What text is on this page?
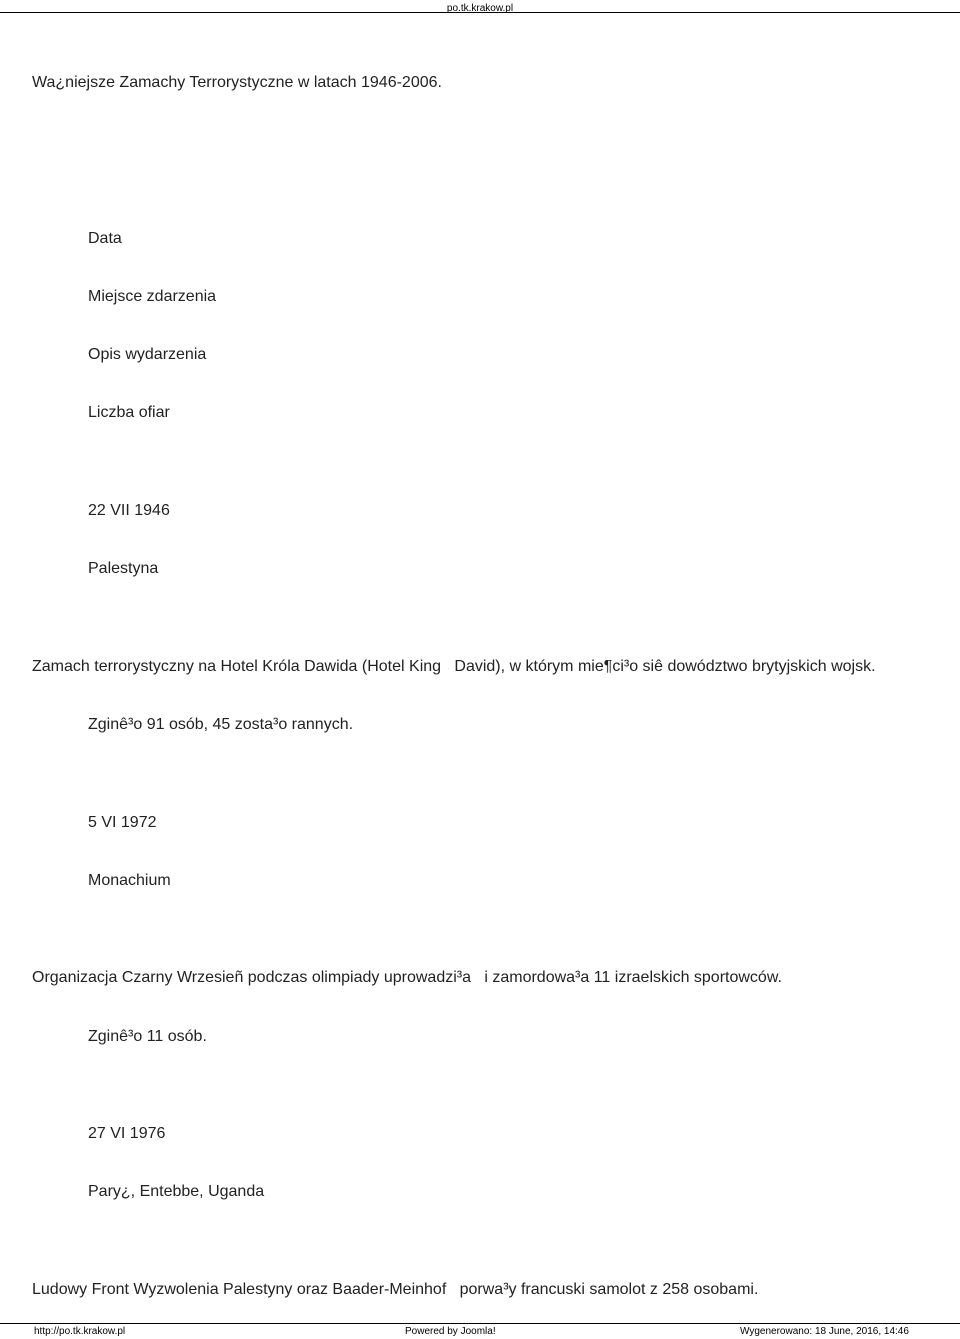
po.tk.krakow.pl
Wa¿niejsze Zamachy Terrorystyczne w latach 1946-2006.
Data
Miejsce zdarzenia
Opis wydarzenia
Liczba ofiar
22 VII 1946
Palestyna
Zamach terrorystyczny na Hotel Króla Dawida (Hotel King   David), w którym mie¶ci³o siê dowództwo brytyjskich wojsk.
Zginê³o 91 osób, 45 zosta³o rannych.
5 VI 1972
Monachium
Organizacja Czarny Wrzesieñ podczas olimpiady uprowadzi³a   i zamordowa³a 11 izraelskich sportowców.
Zginê³o 11 osób.
27 VI 1976
Pary¿, Entebbe, Uganda
Ludowy Front Wyzwolenia Palestyny oraz Baader-Meinhof   porwa³y francuski samolot z 258 osobami.
http://po.tk.krakow.pl	Powered by Joomla!	Wygenerowano: 18 June, 2016, 14:46
